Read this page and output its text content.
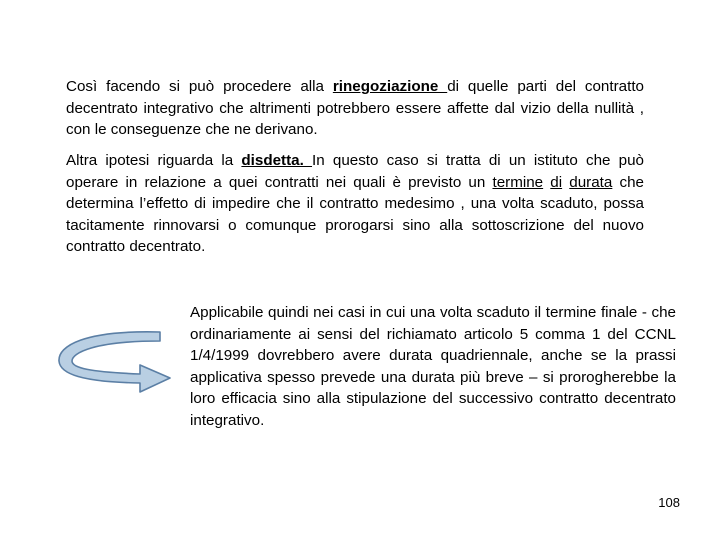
Così facendo si può procedere alla rinegoziazione di quelle parti del contratto decentrato integrativo che altrimenti potrebbero essere affette dal vizio della nullità , con le conseguenze che ne derivano.

Altra ipotesi riguarda la disdetta. In questo caso si tratta di un istituto che può operare in relazione a quei contratti nei quali è previsto un termine di durata che determina l’effetto di impedire che il contratto medesimo , una volta scaduto, possa tacitamente rinnovarsi o comunque prorogarsi sino alla sottoscrizione del nuovo contratto decentrato.

Applicabile quindi nei casi in cui una volta scaduto il termine finale - che ordinariamente ai sensi del richiamato articolo 5 comma 1 del CCNL 1/4/1999 dovrebbero avere durata quadriennale, anche se la prassi applicativa spesso prevede una durata più breve – si prorogherebbe la loro efficacia sino alla stipulazione del successivo contratto decentrato integrativo.

108
